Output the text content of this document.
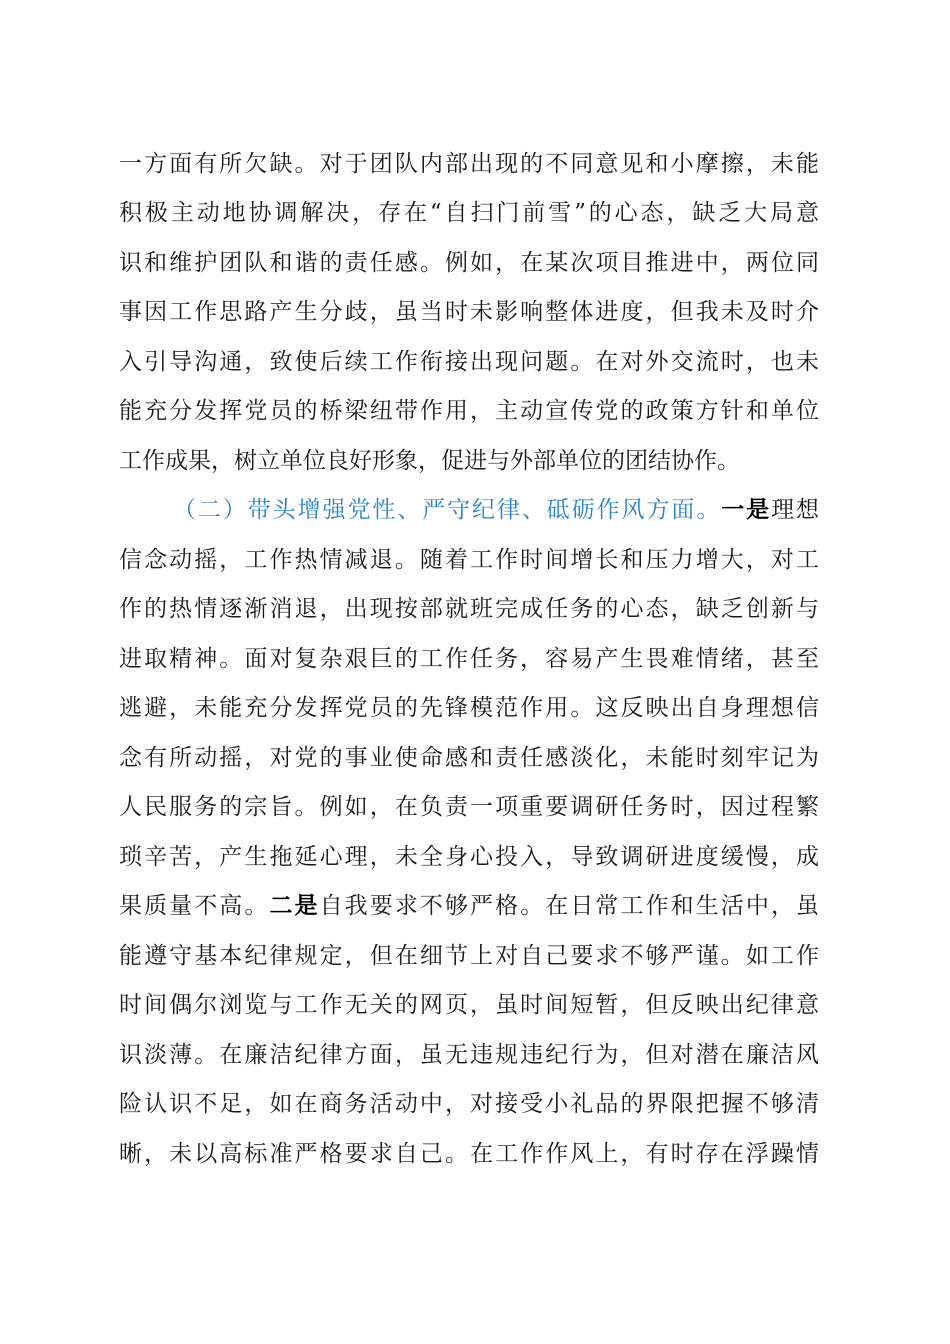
一方面有所欠缺。对于团队内部出现的不同意见和小摩擦，未能
积极主动地协调解决，存在“自扫门前雪”的心态，缺乏大局意
识和维护团队和谐的责任感。例如，在某次项目推进中，两位同
事因工作思路产生分歧，虽当时未影响整体进度，但我未及时介
入引导沟通，致使后续工作衔接出现问题。在对外交流时，也未
能充分发挥党员的桥梁纽带作用，主动宣传党的政策方针和单位
工作成果，树立单位良好形象，促进与外部单位的团结协作。
（二）带头增强党性、严守纪律、砥砺作风方面。一是理想
信念动摇，工作热情减退。随着工作时间增长和压力增大，对工
作的热情逐渐消退，出现按部就班完成任务的心态，缺乏创新与
进取精神。面对复杂艰巨的工作任务，容易产生畏难情绪，甚至
逃避，未能充分发挥党员的先锋模范作用。这反映出自身理想信
念有所动摇，对党的事业使命感和责任感淡化，未能时刻牢记为
人民服务的宗旨。例如，在负责一项重要调研任务时，因过程繁
琐辛苦，产生拖延心理，未全身心投入，导致调研进度缓慢，成
果质量不高。二是自我要求不够严格。在日常工作和生活中，虽
能遵守基本纪律规定，但在细节上对自己要求不够严谨。如工作
时间偶尔浏览与工作无关的网页，虽时间短暂，但反映出纪律意
识淡薄。在廉洁纪律方面，虽无违规违纪行为，但对潜在廉洁风
险认识不足，如在商务活动中，对接受小礼品的界限把握不够清
晰，未以高标准严格要求自己。在工作作风上，有时存在浮躁情
